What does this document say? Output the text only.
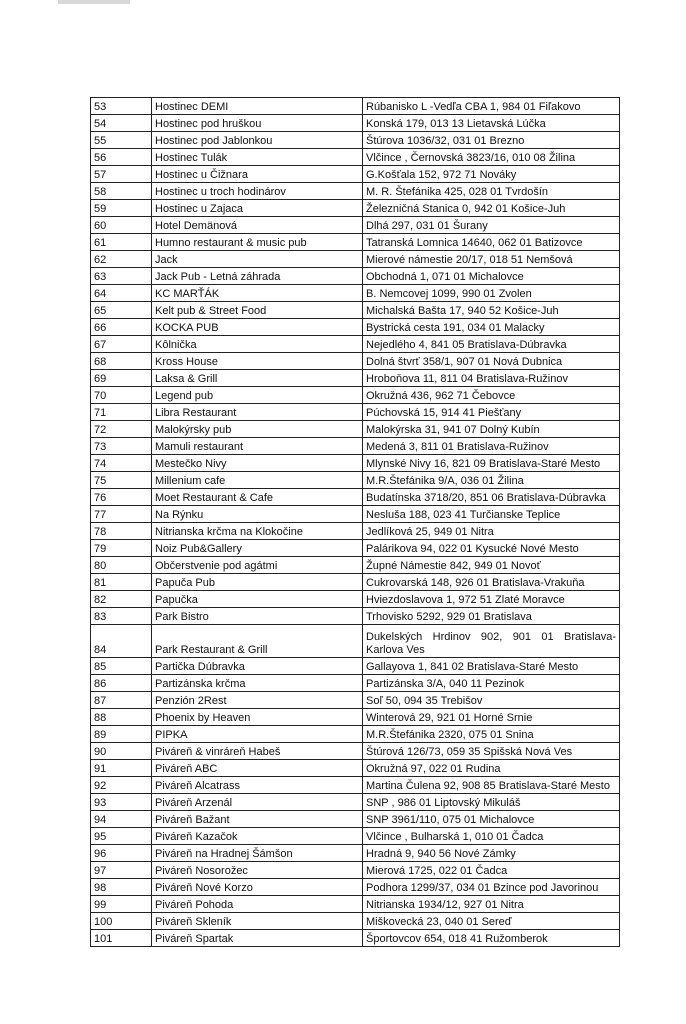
53	Hostinec DEMI	Rúbanisko L -Vedľa CBA 1, 984 01 Fiľakovo
54	Hostinec pod hruškou	Konská 179, 013 13 Lietavská Lúčka
55	Hostinec pod Jablonkou	Štúrova 1036/32, 031 01 Brezno
56	Hostinec Tulák	Vlčince , Černovská 3823/16, 010 08 Žilina
57	Hostinec u Čižnara	G.Košťala 152, 972 71 Nováky
58	Hostinec u troch hodinárov	M. R. Štefánika 425, 028 01 Tvrdošín
59	Hostinec u Zajaca	Železničná Stanica 0, 942 01 Košice-Juh
60	Hotel Demänová	Dlhá 297, 031 01 Šurany
61	Humno restaurant & music pub	Tatranská Lomnica 14640, 062 01 Batizovce
62	Jack	Mierové námestie 20/17, 018 51 Nemšová
63	Jack Pub - Letná záhrada	Obchodná 1, 071 01 Michalovce
64	KC MARŤÁK	B. Nemcovej 1099, 990 01 Zvolen
65	Kelt pub & Street Food	Michalská Bašta 17, 940 52 Košice-Juh
66	KOCKA PUB	Bystrická cesta 191, 034 01 Malacky
67	Kôlnička	Nejedlého 4, 841 05 Bratislava-Dúbravka
68	Kross House	Dolná štvrť 358/1, 907 01 Nová Dubnica
69	Laksa & Grill	Hroboňova 11, 811 04 Bratislava-Ružinov
70	Legend pub	Okružná 436, 962 71 Čebovce
71	Libra Restaurant	Púchovská 15, 914 41 Piešťany
72	Malokýrsky pub	Malokýrska 31, 941 07 Dolný Kubín
73	Mamuli restaurant	Medená 3, 811 01 Bratislava-Ružinov
74	Mestečko Nivy	Mlynské Nivy 16, 821 09 Bratislava-Staré Mesto
75	Millenium cafe	M.R.Štefánika 9/A, 036 01 Žilina
76	Moet Restaurant & Cafe	Budatínska 3718/20, 851 06 Bratislava-Dúbravka
77	Na Rýnku	Nesluša 188, 023 41 Turčianske Teplice
78	Nitrianska krčma na Klokočine	Jedlíková 25, 949 01 Nitra
79	Noiz Pub&Gallery	Palárikova 94, 022 01 Kysucké Nové Mesto
80	Občerstvenie pod agátmi	Župné Námestie 842, 949 01 Novoť
81	Papuča Pub	Cukrovarská 148, 926 01 Bratislava-Vrakuňa
82	Papučka	Hviezdoslavova 1, 972 51 Zlaté Moravce
83	Park Bistro	Trhovisko 5292, 929 01 Bratislava
84	Park Restaurant & Grill	Dukelských Hrdinov 902, 901 01 Bratislava-Karlova Ves
85	Partička Dúbravka	Gallayova 1, 841 02 Bratislava-Staré Mesto
86	Partizánska krčma	Partizánska 3/A, 040 11 Pezinok
87	Penzión 2Rest	Soľ 50, 094 35 Trebišov
88	Phoenix by Heaven	Winterová 29, 921 01 Horné Srnie
89	PIPKA	M.R.Štefánika 2320, 075 01 Snina
90	Piváreň & vinráreň Habeš	Štúrová 126/73, 059 35 Spišská Nová Ves
91	Piváreň ABC	Okružná 97, 022 01 Rudina
92	Piváreň Alcatrass	Martina Čulena 92, 908 85 Bratislava-Staré Mesto
93	Piváreň Arzenál	SNP , 986 01 Liptovský Mikuláš
94	Piváreň Bažant	SNP 3961/110, 075 01 Michalovce
95	Piváreň Kazačok	Vlčince , Bulharská 1, 010 01 Čadca
96	Piváreň na Hradnej Šámšon	Hradná 9, 940 56 Nové Zámky
97	Piváreň Nosorožec	Mierová 1725, 022 01 Čadca
98	Piváreň Nové Korzo	Podhora 1299/37, 034 01 Bzince pod Javorinou
99	Piváreň Pohoda	Nitrianska 1934/12, 927 01 Nitra
100	Piváreň Skleník	Miškovecká 23, 040 01 Sereď
101	Piváreň Spartak	Športovcov 654, 018 41 Ružomberok
